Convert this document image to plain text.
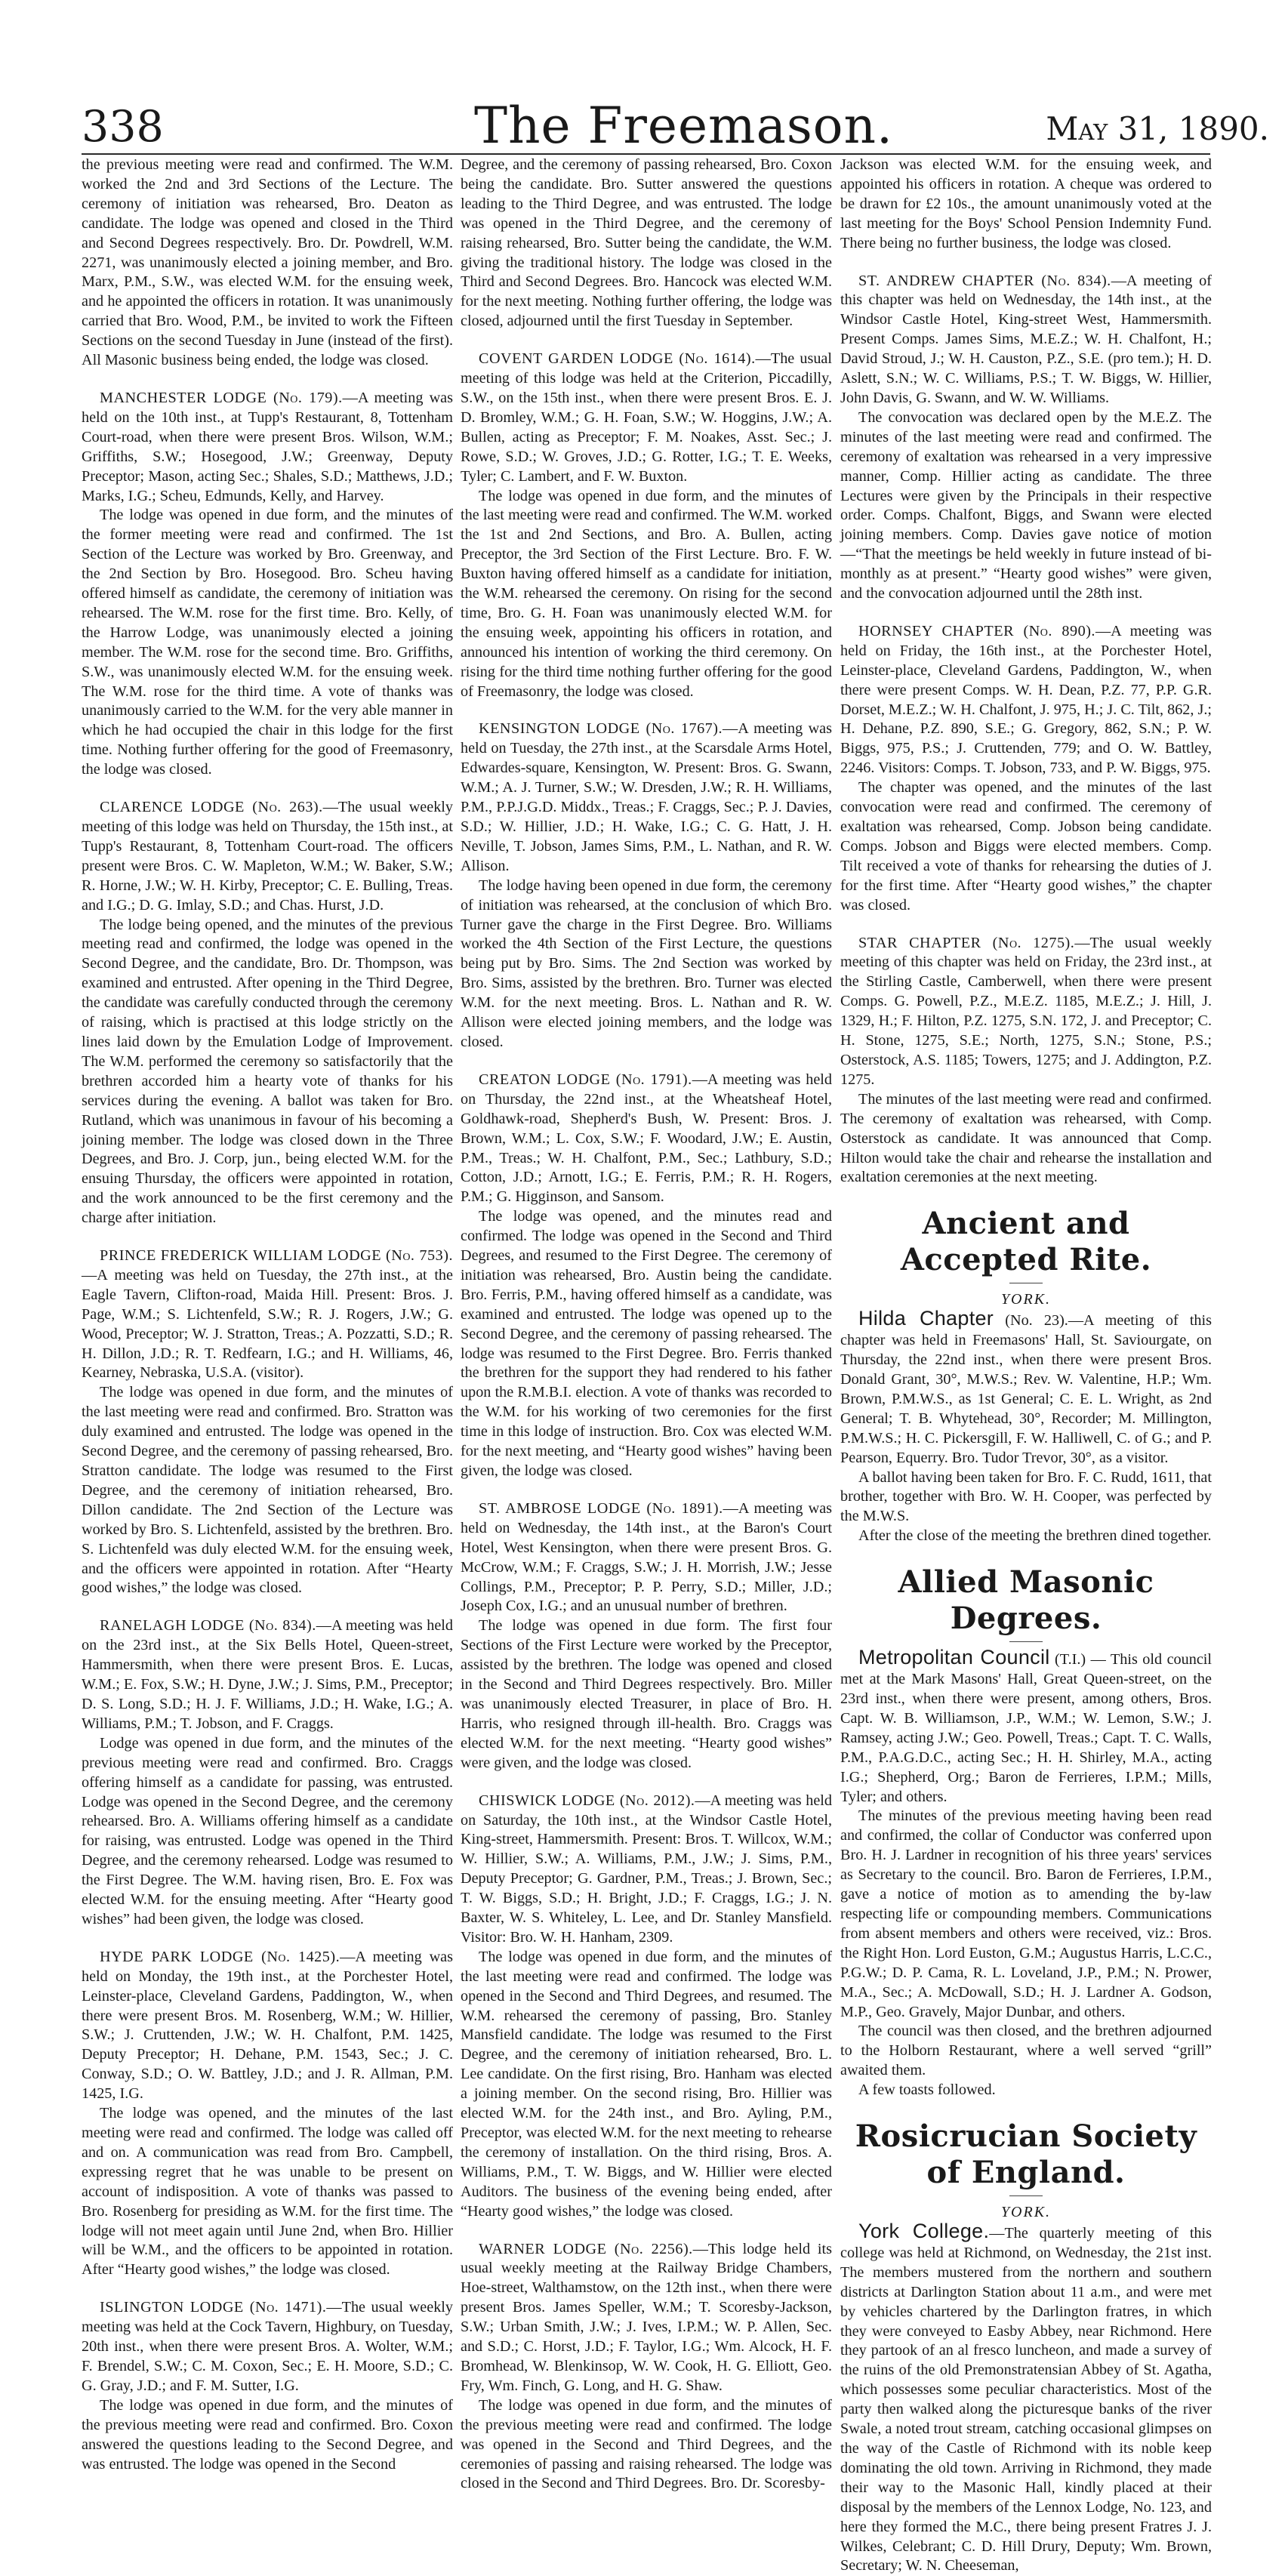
338	The Freemason.	May 31, 1890.

the previous meeting were read and confirmed. The W.M. worked the 2nd and 3rd Sections of the Lecture. The ceremony of initiation was rehearsed, Bro. Deaton as candidate. The lodge was opened and closed in the Third and Second Degrees respectively. Bro. Dr. Powdrell, W.M. 2271, was unanimously elected a joining member, and Bro. Marx, P.M., S.W., was elected W.M. for the ensuing week, and he appointed the officers in rotation. It was unanimously carried that Bro. Wood, P.M., be invited to work the Fifteen Sections on the second Tuesday in June (instead of the first). All Masonic business being ended, the lodge was closed.

MANCHESTER LODGE (No. 179).—A meeting was held on the 10th inst., at Tupp's Restaurant, 8, Tottenham Court-road, when there were present Bros. Wilson, W.M.; Griffiths, S.W.; Hosegood, J.W.; Greenway, Deputy Preceptor; Mason, acting Sec.; Shales, S.D.; Matthews, J.D.; Marks, I.G.; Scheu, Edmunds, Kelly, and Harvey.

The lodge was opened in due form, and the minutes of the former meeting were read and confirmed. The 1st Section of the Lecture was worked by Bro. Greenway, and the 2nd Section by Bro. Hosegood. Bro. Scheu having offered himself as candidate, the ceremony of initiation was rehearsed. The W.M. rose for the first time. Bro. Kelly, of the Harrow Lodge, was unanimously elected a joining member. The W.M. rose for the second time. Bro. Griffiths, S.W., was unanimously elected W.M. for the ensuing week. The W.M. rose for the third time. A vote of thanks was unanimously carried to the W.M. for the very able manner in which he had occupied the chair in this lodge for the first time. Nothing further offering for the good of Freemasonry, the lodge was closed.

CLARENCE LODGE (No. 263).—The usual weekly meeting of this lodge was held on Thursday, the 15th inst., at Tupp's Restaurant, 8, Tottenham Court-road. The officers present were Bros. C. W. Mapleton, W.M.; W. Baker, S.W.; R. Horne, J.W.; W. H. Kirby, Preceptor; C. E. Bulling, Treas. and I.G.; D. G. Imlay, S.D.; and Chas. Hurst, J.D.

The lodge being opened, and the minutes of the previous meeting read and confirmed, the lodge was opened in the Second Degree, and the candidate, Bro. Dr. Thompson, was examined and entrusted. After opening in the Third Degree, the candidate was carefully conducted through the ceremony of raising, which is practised at this lodge strictly on the lines laid down by the Emulation Lodge of Improvement. The W.M. performed the ceremony so satisfactorily that the brethren accorded him a hearty vote of thanks for his services during the evening. A ballot was taken for Bro. Rutland, which was unanimous in favour of his becoming a joining member. The lodge was closed down in the Three Degrees, and Bro. J. Corp, jun., being elected W.M. for the ensuing Thursday, the officers were appointed in rotation, and the work announced to be the first ceremony and the charge after initiation.

PRINCE FREDERICK WILLIAM LODGE (No. 753).—A meeting was held on Tuesday, the 27th inst., at the Eagle Tavern, Clifton-road, Maida Hill. Present: Bros. J. Page, W.M.; S. Lichtenfeld, S.W.; R. J. Rogers, J.W.; G. Wood, Preceptor; W. J. Stratton, Treas.; A. Pozzatti, S.D.; R. H. Dillon, J.D.; R. T. Redfearn, I.G.; and H. Williams, 46, Kearney, Nebraska, U.S.A. (visitor).

The lodge was opened in due form, and the minutes of the last meeting were read and confirmed. Bro. Stratton was duly examined and entrusted. The lodge was opened in the Second Degree, and the ceremony of passing rehearsed, Bro. Stratton candidate. The lodge was resumed to the First Degree, and the ceremony of initiation rehearsed, Bro. Dillon candidate. The 2nd Section of the Lecture was worked by Bro. S. Lichtenfeld, assisted by the brethren. Bro. S. Lichtenfeld was duly elected W.M. for the ensuing week, and the officers were appointed in rotation. After “Hearty good wishes,” the lodge was closed.

RANELAGH LODGE (No. 834).—A meeting was held on the 23rd inst., at the Six Bells Hotel, Queen-street, Hammersmith, when there were present Bros. E. Lucas, W.M.; E. Fox, S.W.; H. Dyne, J.W.; J. Sims, P.M., Preceptor; D. S. Long, S.D.; H. J. F. Williams, J.D.; H. Wake, I.G.; A. Williams, P.M.; T. Jobson, and F. Craggs.

Lodge was opened in due form, and the minutes of the previous meeting were read and confirmed. Bro. Craggs offering himself as a candidate for passing, was entrusted. Lodge was opened in the Second Degree, and the ceremony rehearsed. Bro. A. Williams offering himself as a candidate for raising, was entrusted. Lodge was opened in the Third Degree, and the ceremony rehearsed. Lodge was resumed to the First Degree. The W.M. having risen, Bro. E. Fox was elected W.M. for the ensuing meeting. After “Hearty good wishes” had been given, the lodge was closed.

HYDE PARK LODGE (No. 1425).—A meeting was held on Monday, the 19th inst., at the Porchester Hotel, Leinster-place, Cleveland Gardens, Paddington, W., when there were present Bros. M. Rosenberg, W.M.; W. Hillier, S.W.; J. Cruttenden, J.W.; W. H. Chalfont, P.M. 1425, Deputy Preceptor; H. Dehane, P.M. 1543, Sec.; J. C. Conway, S.D.; O. W. Battley, J.D.; and J. R. Allman, P.M. 1425, I.G.

The lodge was opened, and the minutes of the last meeting were read and confirmed. The lodge was called off and on. A communication was read from Bro. Campbell, expressing regret that he was unable to be present on account of indisposition. A vote of thanks was passed to Bro. Rosenberg for presiding as W.M. for the first time. The lodge will not meet again until June 2nd, when Bro. Hillier will be W.M., and the officers to be appointed in rotation. After “Hearty good wishes,” the lodge was closed.

ISLINGTON LODGE (No. 1471).—The usual weekly meeting was held at the Cock Tavern, Highbury, on Tuesday, 20th inst., when there were present Bros. A. Wolter, W.M.; F. Brendel, S.W.; C. M. Coxon, Sec.; E. H. Moore, S.D.; C. G. Gray, J.D.; and F. M. Sutter, I.G.

The lodge was opened in due form, and the minutes of the previous meeting were read and confirmed. Bro. Coxon answered the questions leading to the Second Degree, and was entrusted. The lodge was opened in the Second

Degree, and the ceremony of passing rehearsed, Bro. Coxon being the candidate. Bro. Sutter answered the questions leading to the Third Degree, and was entrusted. The lodge was opened in the Third Degree, and the ceremony of raising rehearsed, Bro. Sutter being the candidate, the W.M. giving the traditional history. The lodge was closed in the Third and Second Degrees. Bro. Hancock was elected W.M. for the next meeting. Nothing further offering, the lodge was closed, adjourned until the first Tuesday in September.

COVENT GARDEN LODGE (No. 1614).—The usual meeting of this lodge was held at the Criterion, Piccadilly, S.W., on the 15th inst., when there were present Bros. E. J. D. Bromley, W.M.; G. H. Foan, S.W.; W. Hoggins, J.W.; A. Bullen, acting as Preceptor; F. M. Noakes, Asst. Sec.; J. Rowe, S.D.; W. Groves, J.D.; G. Rotter, I.G.; T. E. Weeks, Tyler; C. Lambert, and F. W. Buxton.

The lodge was opened in due form, and the minutes of the last meeting were read and confirmed. The W.M. worked the 1st and 2nd Sections, and Bro. A. Bullen, acting Preceptor, the 3rd Section of the First Lecture. Bro. F. W. Buxton having offered himself as a candidate for initiation, the W.M. rehearsed the ceremony. On rising for the second time, Bro. G. H. Foan was unanimously elected W.M. for the ensuing week, appointing his officers in rotation, and announced his intention of working the third ceremony. On rising for the third time nothing further offering for the good of Freemasonry, the lodge was closed.

KENSINGTON LODGE (No. 1767).—A meeting was held on Tuesday, the 27th inst., at the Scarsdale Arms Hotel, Edwardes-square, Kensington, W. Present: Bros. G. Swann, W.M.; A. J. Turner, S.W.; W. Dresden, J.W.; R. H. Williams, P.M., P.P.J.G.D. Middx., Treas.; F. Craggs, Sec.; P. J. Davies, S.D.; W. Hillier, J.D.; H. Wake, I.G.; C. G. Hatt, J. H. Neville, T. Jobson, James Sims, P.M., L. Nathan, and R. W. Allison.

The lodge having been opened in due form, the ceremony of initiation was rehearsed, at the conclusion of which Bro. Turner gave the charge in the First Degree. Bro. Williams worked the 4th Section of the First Lecture, the questions being put by Bro. Sims. The 2nd Section was worked by Bro. Sims, assisted by the brethren. Bro. Turner was elected W.M. for the next meeting. Bros. L. Nathan and R. W. Allison were elected joining members, and the lodge was closed.

CREATON LODGE (No. 1791).—A meeting was held on Thursday, the 22nd inst., at the Wheatsheaf Hotel, Goldhawk-road, Shepherd's Bush, W. Present: Bros. J. Brown, W.M.; L. Cox, S.W.; F. Woodard, J.W.; E. Austin, P.M., Treas.; W. H. Chalfont, P.M., Sec.; Lathbury, S.D.; Cotton, J.D.; Arnott, I.G.; E. Ferris, P.M.; R. H. Rogers, P.M.; G. Higginson, and Sansom.

The lodge was opened, and the minutes read and confirmed. The lodge was opened in the Second and Third Degrees, and resumed to the First Degree. The ceremony of initiation was rehearsed, Bro. Austin being the candidate. Bro. Ferris, P.M., having offered himself as a candidate, was examined and entrusted. The lodge was opened up to the Second Degree, and the ceremony of passing rehearsed. The lodge was resumed to the First Degree. Bro. Ferris thanked the brethren for the support they had rendered to his father upon the R.M.B.I. election. A vote of thanks was recorded to the W.M. for his working of two ceremonies for the first time in this lodge of instruction. Bro. Cox was elected W.M. for the next meeting, and “Hearty good wishes” having been given, the lodge was closed.

ST. AMBROSE LODGE (No. 1891).—A meeting was held on Wednesday, the 14th inst., at the Baron's Court Hotel, West Kensington, when there were present Bros. G. McCrow, W.M.; F. Craggs, S.W.; J. H. Morrish, J.W.; Jesse Collings, P.M., Preceptor; P. P. Perry, S.D.; Miller, J.D.; Joseph Cox, I.G.; and an unusual number of brethren.

The lodge was opened in due form. The first four Sections of the First Lecture were worked by the Preceptor, assisted by the brethren. The lodge was opened and closed in the Second and Third Degrees respectively. Bro. Miller was unanimously elected Treasurer, in place of Bro. H. Harris, who resigned through ill-health. Bro. Craggs was elected W.M. for the next meeting. “Hearty good wishes” were given, and the lodge was closed.

CHISWICK LODGE (No. 2012).—A meeting was held on Saturday, the 10th inst., at the Windsor Castle Hotel, King-street, Hammersmith. Present: Bros. T. Willcox, W.M.; W. Hillier, S.W.; A. Williams, P.M., J.W.; J. Sims, P.M., Deputy Preceptor; G. Gardner, P.M., Treas.; J. Brown, Sec.; T. W. Biggs, S.D.; H. Bright, J.D.; F. Craggs, I.G.; J. N. Baxter, W. S. Whiteley, L. Lee, and Dr. Stanley Mansfield. Visitor: Bro. W. H. Hanham, 2309.

The lodge was opened in due form, and the minutes of the last meeting were read and confirmed. The lodge was opened in the Second and Third Degrees, and resumed. The W.M. rehearsed the ceremony of passing, Bro. Stanley Mansfield candidate. The lodge was resumed to the First Degree, and the ceremony of initiation rehearsed, Bro. L. Lee candidate. On the first rising, Bro. Hanham was elected a joining member. On the second rising, Bro. Hillier was elected W.M. for the 24th inst., and Bro. Ayling, P.M., Preceptor, was elected W.M. for the next meeting to rehearse the ceremony of installation. On the third rising, Bros. A. Williams, P.M., T. W. Biggs, and W. Hillier were elected Auditors. The business of the evening being ended, after “Hearty good wishes,” the lodge was closed.

WARNER LODGE (No. 2256).—This lodge held its usual weekly meeting at the Railway Bridge Chambers, Hoe-street, Walthamstow, on the 12th inst., when there were present Bros. James Speller, W.M.; T. Scoresby-Jackson, S.W.; Urban Smith, J.W.; J. Ives, I.P.M.; W. P. Allen, Sec. and S.D.; C. Horst, J.D.; F. Taylor, I.G.; Wm. Alcock, H. F. Bromhead, W. Blenkinsop, W. W. Cook, H. G. Elliott, Geo. Fry, Wm. Finch, G. Long, and H. G. Shaw.

The lodge was opened in due form, and the minutes of the previous meeting were read and confirmed. The lodge was opened in the Second and Third Degrees, and the ceremonies of passing and raising rehearsed. The lodge was closed in the Second and Third Degrees. Bro. Dr. Scoresby-

Jackson was elected W.M. for the ensuing week, and appointed his officers in rotation. A cheque was ordered to be drawn for £2 10s., the amount unanimously voted at the last meeting for the Boys' School Pension Indemnity Fund. There being no further business, the lodge was closed.

ST. ANDREW CHAPTER (No. 834).—A meeting of this chapter was held on Wednesday, the 14th inst., at the Windsor Castle Hotel, King-street West, Hammersmith. Present Comps. James Sims, M.E.Z.; W. H. Chalfont, H.; David Stroud, J.; W. H. Causton, P.Z., S.E. (pro tem.); H. D. Aslett, S.N.; W. C. Williams, P.S.; T. W. Biggs, W. Hillier, John Davis, G. Swann, and W. W. Williams.

The convocation was declared open by the M.E.Z. The minutes of the last meeting were read and confirmed. The ceremony of exaltation was rehearsed in a very impressive manner, Comp. Hillier acting as candidate. The three Lectures were given by the Principals in their respective order. Comps. Chalfont, Biggs, and Swann were elected joining members. Comp. Davies gave notice of motion —“That the meetings be held weekly in future instead of bi-monthly as at present.” “Hearty good wishes” were given, and the convocation adjourned until the 28th inst.

HORNSEY CHAPTER (No. 890).—A meeting was held on Friday, the 16th inst., at the Porchester Hotel, Leinster-place, Cleveland Gardens, Paddington, W., when there were present Comps. W. H. Dean, P.Z. 77, P.P. G.R. Dorset, M.E.Z.; W. H. Chalfont, J. 975, H.; J. C. Tilt, 862, J.; H. Dehane, P.Z. 890, S.E.; G. Gregory, 862, S.N.; P. W. Biggs, 975, P.S.; J. Cruttenden, 779; and O. W. Battley, 2246. Visitors: Comps. T. Jobson, 733, and P. W. Biggs, 975.

The chapter was opened, and the minutes of the last convocation were read and confirmed. The ceremony of exaltation was rehearsed, Comp. Jobson being candidate. Comps. Jobson and Biggs were elected members. Comp. Tilt received a vote of thanks for rehearsing the duties of J. for the first time. After “Hearty good wishes,” the chapter was closed.

STAR CHAPTER (No. 1275).—The usual weekly meeting of this chapter was held on Friday, the 23rd inst., at the Stirling Castle, Camberwell, when there were present Comps. G. Powell, P.Z., M.E.Z. 1185, M.E.Z.; J. Hill, J. 1329, H.; F. Hilton, P.Z. 1275, S.N. 172, J. and Preceptor; C. H. Stone, 1275, S.E.; North, 1275, S.N.; Stone, P.S.; Osterstock, A.S. 1185; Towers, 1275; and J. Addington, P.Z. 1275.

The minutes of the last meeting were read and confirmed. The ceremony of exaltation was rehearsed, with Comp. Osterstock as candidate. It was announced that Comp. Hilton would take the chair and rehearse the installation and exaltation ceremonies at the next meeting.

Ancient and Accepted Rite.
YORK.

Hilda Chapter (No. 23).—A meeting of this chapter was held in Freemasons' Hall, St. Saviourgate, on Thursday, the 22nd inst., when there were present Bros. Donald Grant, 30°, M.W.S.; Rev. W. Valentine, H.P.; Wm. Brown, P.M.W.S., as 1st General; C. E. L. Wright, as 2nd General; T. B. Whytehead, 30°, Recorder; M. Millington, P.M.W.S.; H. C. Pickersgill, F. W. Halliwell, C. of G.; and P. Pearson, Equerry. Bro. Tudor Trevor, 30°, as a visitor.

A ballot having been taken for Bro. F. C. Rudd, 1611, that brother, together with Bro. W. H. Cooper, was perfected by the M.W.S.

After the close of the meeting the brethren dined together.

Allied Masonic Degrees.

Metropolitan Council (T.I.) — This old council met at the Mark Masons' Hall, Great Queen-street, on the 23rd inst., when there were present, among others, Bros. Capt. W. B. Williamson, J.P., W.M.; W. Lemon, S.W.; J. Ramsey, acting J.W.; Geo. Powell, Treas.; Capt. T. C. Walls, P.M., P.A.G.D.C., acting Sec.; H. H. Shirley, M.A., acting I.G.; Shepherd, Org.; Baron de Ferrieres, I.P.M.; Mills, Tyler; and others.

The minutes of the previous meeting having been read and confirmed, the collar of Conductor was conferred upon Bro. H. J. Lardner in recognition of his three years' services as Secretary to the council. Bro. Baron de Ferrieres, I.P.M., gave a notice of motion as to amending the by-law respecting life or compounding members. Communications from absent members and others were received, viz.: Bros. the Right Hon. Lord Euston, G.M.; Augustus Harris, L.C.C., P.G.W.; D. P. Cama, R. L. Loveland, J.P., P.M.; N. Prower, M.A., Sec.; A. McDowall, S.D.; H. J. Lardner A. Godson, M.P., Geo. Gravely, Major Dunbar, and others.

The council was then closed, and the brethren adjourned to the Holborn Restaurant, where a well served “grill” awaited them.

A few toasts followed.

Rosicrucian Society of England.
YORK.

York College.—The quarterly meeting of this college was held at Richmond, on Wednesday, the 21st inst. The members mustered from the northern and southern districts at Darlington Station about 11 a.m., and were met by vehicles chartered by the Darlington fratres, in which they were conveyed to Easby Abbey, near Richmond. Here they partook of an al fresco luncheon, and made a survey of the ruins of the old Premonstratensian Abbey of St. Agatha, which possesses some peculiar characteristics. Most of the party then walked along the picturesque banks of the river Swale, a noted trout stream, catching occasional glimpses on the way of the Castle of Richmond with its noble keep dominating the old town. Arriving in Richmond, they made their way to the Masonic Hall, kindly placed at their disposal by the members of the Lennox Lodge, No. 123, and here they formed the M.C., there being present Fratres J. J. Wilkes, Celebrant; C. D. Hill Drury, Deputy; Wm. Brown, Secretary; W. N. Cheeseman,
